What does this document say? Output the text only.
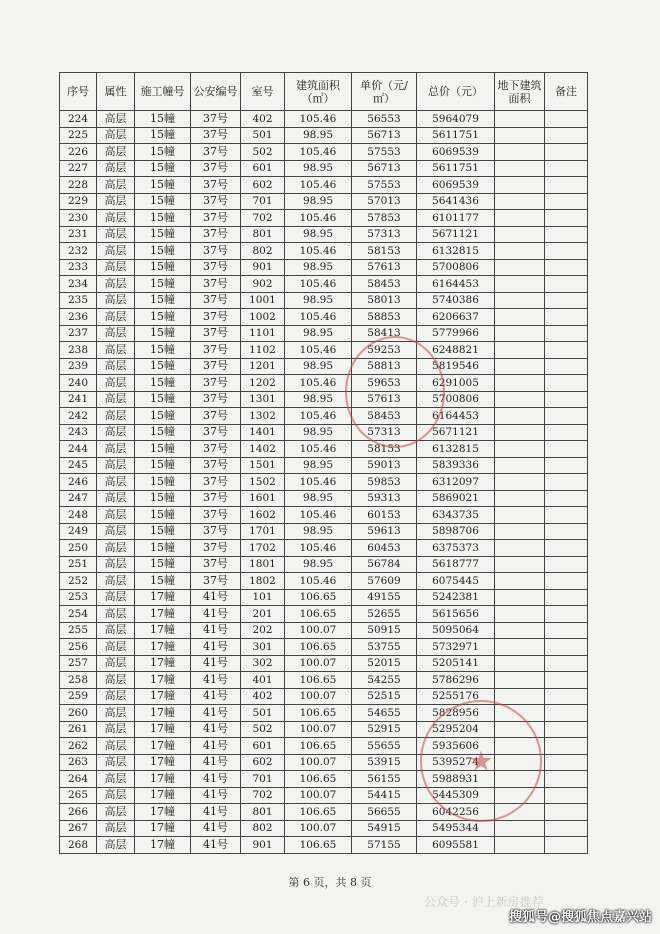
序号	属性	施工幢号	公安编号	室号	建筑面积（㎡）	单价（元/㎡）	总价（元）	地下建筑面积	备注
224	高层	15幢	37号	402	105.46	56553	5964079		
225	高层	15幢	37号	501	98.95	56713	5611751		
226	高层	15幢	37号	502	105.46	57553	6069539		
227	高层	15幢	37号	601	98.95	56713	5611751		
228	高层	15幢	37号	602	105.46	57553	6069539		
229	高层	15幢	37号	701	98.95	57013	5641436		
230	高层	15幢	37号	702	105.46	57853	6101177		
231	高层	15幢	37号	801	98.95	57313	5671121		
232	高层	15幢	37号	802	105.46	58153	6132815		
233	高层	15幢	37号	901	98.95	57613	5700806		
234	高层	15幢	37号	902	105.46	58453	6164453		
235	高层	15幢	37号	1001	98.95	58013	5740386		
236	高层	15幢	37号	1002	105.46	58853	6206637		
237	高层	15幢	37号	1101	98.95	58413	5779966		
238	高层	15幢	37号	1102	105.46	59253	6248821		
239	高层	15幢	37号	1201	98.95	58813	5819546		
240	高层	15幢	37号	1202	105.46	59653	6291005		
241	高层	15幢	37号	1301	98.95	57613	5700806		
242	高层	15幢	37号	1302	105.46	58453	6164453		
243	高层	15幢	37号	1401	98.95	57313	5671121		
244	高层	15幢	37号	1402	105.46	58153	6132815		
245	高层	15幢	37号	1501	98.95	59013	5839336		
246	高层	15幢	37号	1502	105.46	59853	6312097		
247	高层	15幢	37号	1601	98.95	59313	5869021		
248	高层	15幢	37号	1602	105.46	60153	6343735		
249	高层	15幢	37号	1701	98.95	59613	5898706		
250	高层	15幢	37号	1702	105.46	60453	6375373		
251	高层	15幢	37号	1801	98.95	56784	5618777		
252	高层	15幢	37号	1802	105.46	57609	6075445		
253	高层	17幢	41号	101	106.65	49155	5242381		
254	高层	17幢	41号	201	106.65	52655	5615656		
255	高层	17幢	41号	202	100.07	50915	5095064		
256	高层	17幢	41号	301	106.65	53755	5732971		
257	高层	17幢	41号	302	100.07	52015	5205141		
258	高层	17幢	41号	401	106.65	54255	5786296		
259	高层	17幢	41号	402	100.07	52515	5255176		
260	高层	17幢	41号	501	106.65	54655	5828956		
261	高层	17幢	41号	502	100.07	52915	5295204		
262	高层	17幢	41号	601	106.65	55655	5935606		
263	高层	17幢	41号	602	100.07	53915	5395274		
264	高层	17幢	41号	701	106.65	56155	5988931		
265	高层	17幢	41号	702	100.07	54415	5445309		
266	高层	17幢	41号	801	106.65	56655	6042256		
267	高层	17幢	41号	802	100.07	54915	5495344		
268	高层	17幢	41号	901	106.65	57155	6095581		
★
第 6 页，共 8 页
公众号 · 沪上新房推荐
搜狐号@搜狐焦点嘉兴站
